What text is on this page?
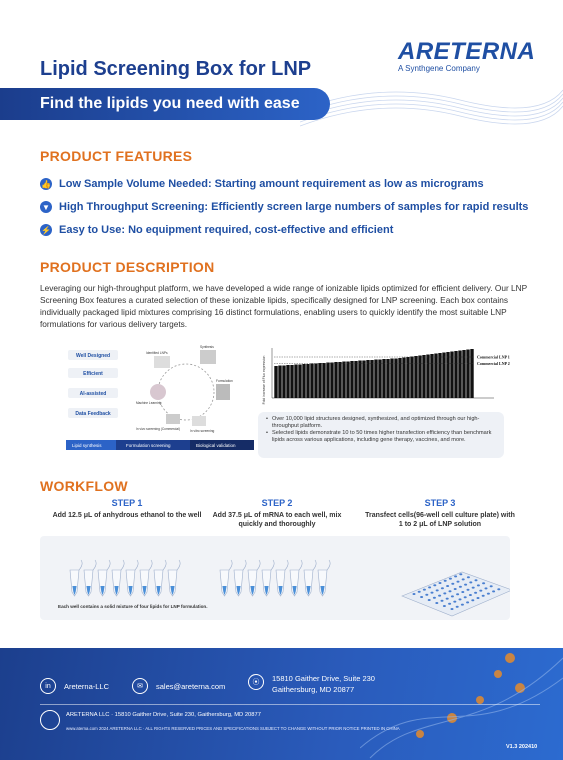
ARETERNA
A Synthgene Company
Lipid Screening Box for LNP
Find the lipids you need with ease
PRODUCT FEATURES
👍 Low Sample Volume Needed: Starting amount requirement as low as micrograms
▼ High Throughput Screening: Efficiently screen large numbers of samples for rapid results
⚡ Easy to Use: No equipment required, cost-effective and efficient
PRODUCT DESCRIPTION
Leveraging our high-throughput platform, we have developed a wide range of ionizable lipids optimized for efficient delivery. Our LNP Screening Box features a curated selection of these ionizable lipids, specifically designed for LNP screening. Each box contains individually packaged lipid mixtures comprising 16 distinct formulations, enabling users to quickly identify the most suitable LNP formulations for various delivery targets.
Well Designed
Efficient
AI-assisted
Data Feedback
Identified LNPs
Synthesis
Machine Learning
Formulation
In vivo screening (Commercial)	In vitro screening
Lipid synthesis	Formulation screening	Biological validation
Fold increase of Fluc expression	Commercial LNP 1
Commercial LNP 2
• Over 10,000 lipid structures designed, synthesized, and optimized through our high-throughput platform.
• Selected lipids demonstrate 10 to 50 times higher transfection efficiency than benchmark lipids across various applications, including gene therapy, vaccines, and more.
WORKFLOW
STEP 1
Add 12.5 μL of anhydrous ethanol to the well
STEP 2
Add 37.5 μL of mRNA to each well, mix quickly and thoroughly
STEP 3
Transfect cells(96-well cell culture plate) with 1 to 2 μL of LNP solution
Each well contains a solid mixture of four lipids for LNP formulation.
in	Areterna-LLC	✉	sales@areterna.com	⦿	15810 Gaither Drive, Suite 230
Gaithersburg, MD 20877
ARETERNA LLC · 15810 Gaither Drive, Suite 230, Gaithersburg, MD 20877
www.aterna.com 2024 ARETERNA LLC · ALL RIGHTS RESERVED PRICES AND SPECIFICATIONS SUBJECT TO CHANGE WITHOUT PRIOR NOTICE PRINTED IN CHINA
V1.3 202410
